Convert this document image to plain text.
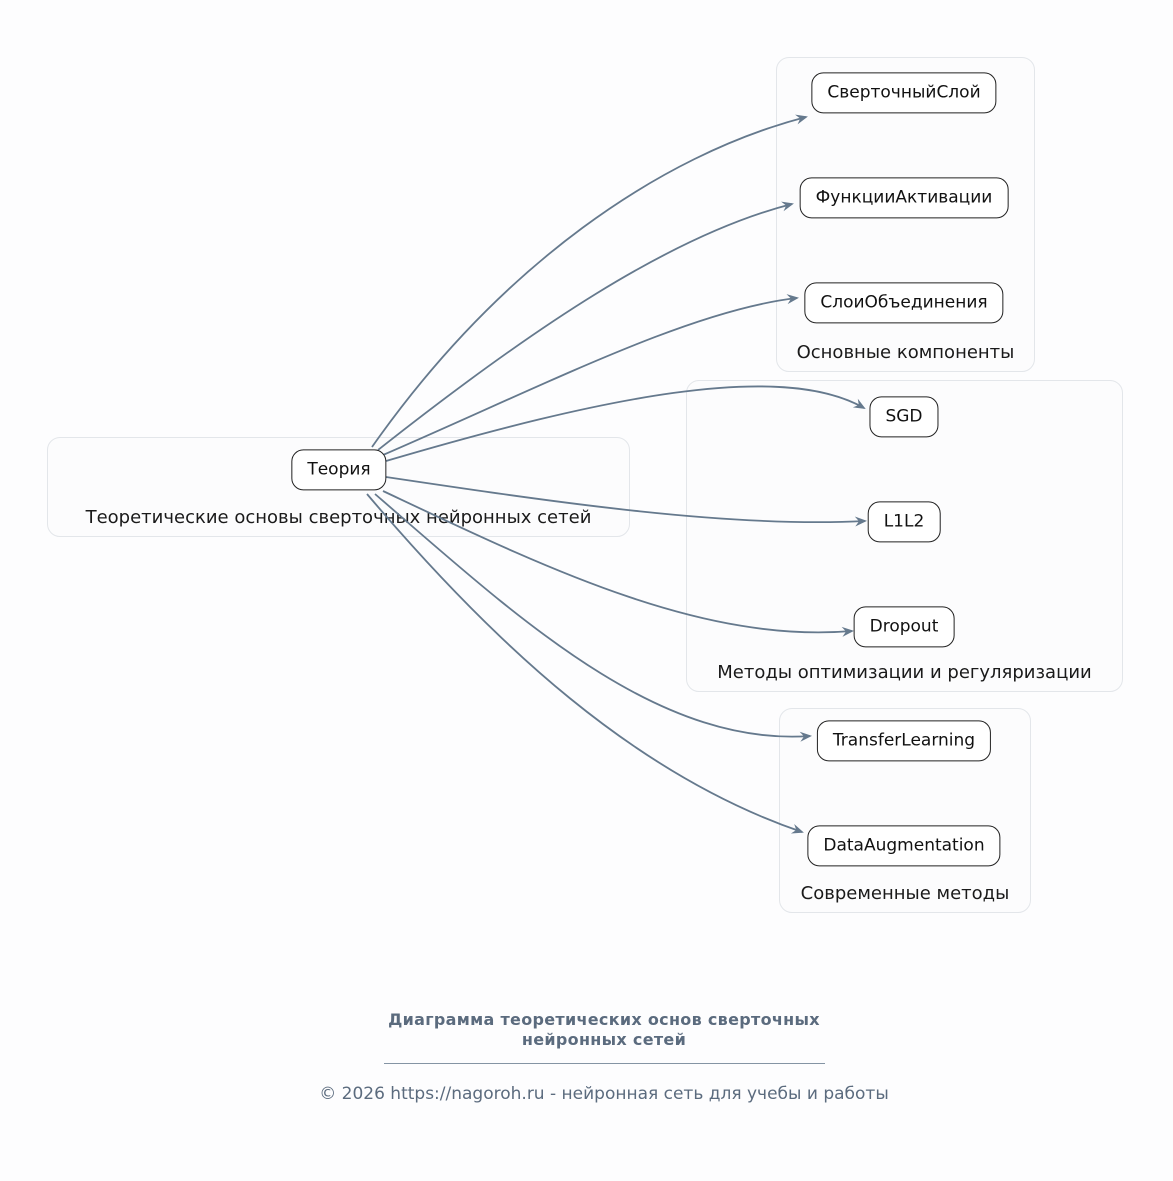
Теоретические основы сверточных нейронных сетей
Основные компоненты
Методы оптимизации и регуляризации
Современные методы
Теория
СверточныйСлой
ФункцииАктивации
СлоиОбъединения
SGD
L1L2
Dropout
TransferLearning
DataAugmentation
Диаграмма теоретических основ сверточных
нейронных сетей
© 2026 https://nagoroh.ru - нейронная сеть для учебы и работы
